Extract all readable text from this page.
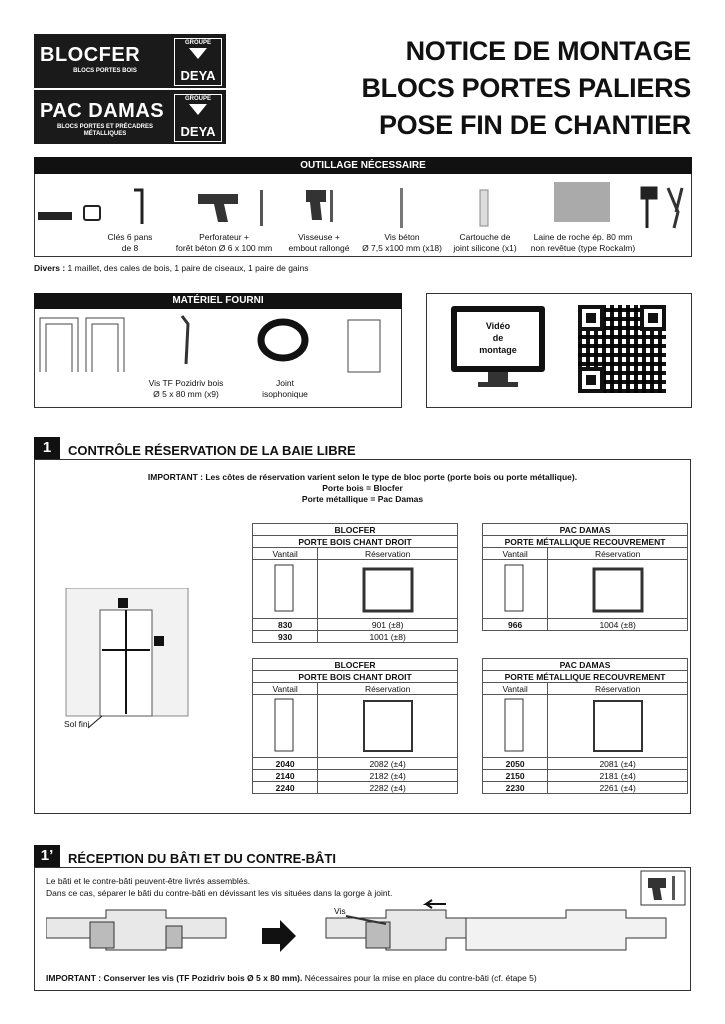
BLOCFER
BLOCS PORTES BOIS
GROUPE
DEYA
PAC DAMAS
BLOCS PORTES ET PRÉCADRES MÉTALLIQUES
GROUPE
DEYA
NOTICE DE MONTAGE
BLOCS PORTES PALIERS
POSE FIN DE CHANTIER
OUTILLAGE NÉCESSAIRE
Clés 6 pans
de 8
Perforateur +
forêt béton Ø 6 x 100 mm
Visseuse +
embout rallongé
Vis béton
Ø 7,5 x100 mm (x18)
Cartouche de
joint silicone (x1)
Laine de roche ép. 80 mm
non revêtue (type Rockalm)
Divers : 1 maillet, des cales de bois, 1 paire de ciseaux, 1 paire de gains
MATÉRIEL FOURNI
Vis TF Pozidriv bois
Ø 5 x 80 mm (x9)
Joint
isophonique
Vidéo
de
montage
1	CONTRÔLE RÉSERVATION DE LA BAIE LIBRE
IMPORTANT : Les côtes de réservation varient selon le type de bloc porte (porte bois ou porte métallique).
Porte bois = Blocfer
Porte métallique = Pac Damas
Sol fini
BLOCFER	
PORTE BOIS CHANT DROIT	
Vantail	Réservation

830	901 (±8)
930	1001 (±8)
PAC DAMAS	
PORTE MÉTALLIQUE RECOUVREMENT	
Vantail	Réservation

966	1004 (±8)
BLOCFER	
PORTE BOIS CHANT DROIT	
Vantail	Réservation

2040	2082 (±4)
2140	2182 (±4)
2240	2282 (±4)
PAC DAMAS	
PORTE MÉTALLIQUE RECOUVREMENT	
Vantail	Réservation

2050	2081 (±4)
2150	2181 (±4)
2230	2261 (±4)
1’	RÉCEPTION DU BÂTI ET DU CONTRE-BÂTI
Le bâti et le contre-bâti peuvent-être livrés assemblés.
Dans ce cas, séparer le bâti du contre-bâti en dévissant les vis situées dans la gorge à joint.
Vis
IMPORTANT : Conserver les vis (TF Pozidriv bois Ø 5 x 80 mm). Nécessaires pour la mise en place du contre-bâti (cf. étape 5)
